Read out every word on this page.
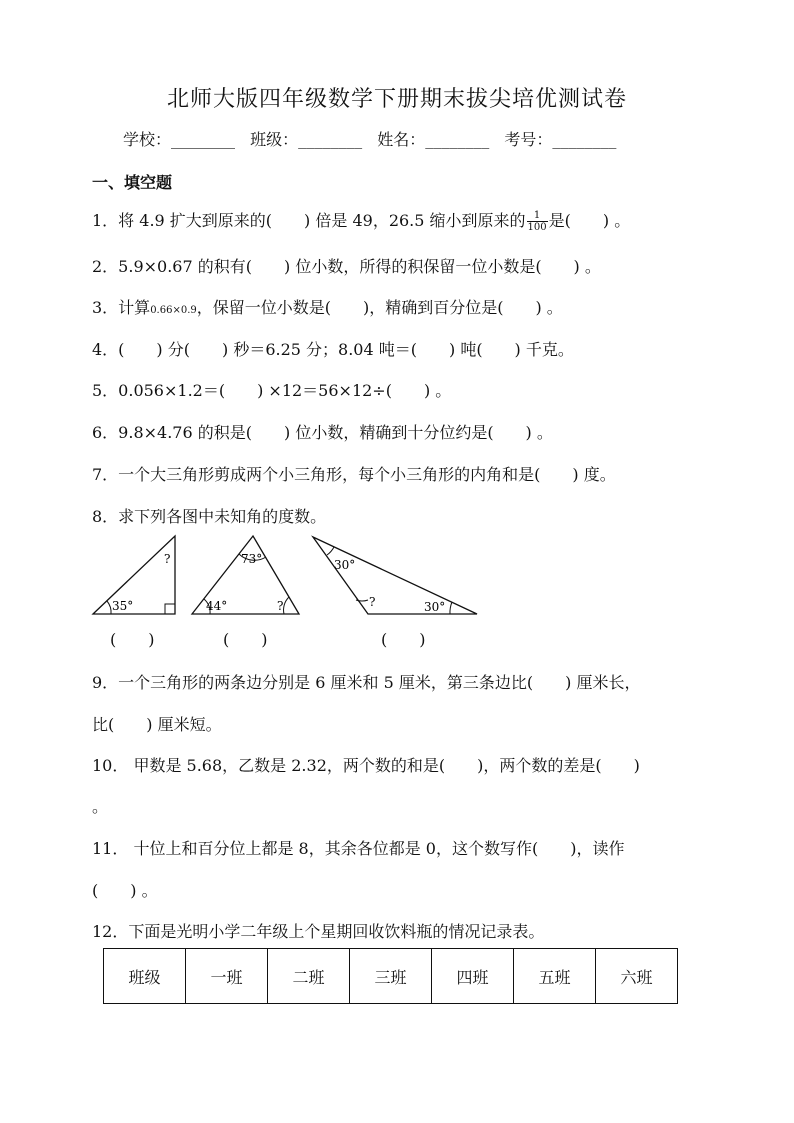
北师大版四年级数学下册期末拔尖培优测试卷
学校：________ 班级：________ 姓名：________ 考号：________
一、填空题
1．将 4.9 扩大到原来的(　　) 倍是 49，26.5 缩小到原来的 $\frac{1}{100}$ 是(　　) 。
2．5.9×0.67 的积有(　　) 位小数，所得的积保留一位小数是(　　) 。
3．计算0.66×0.9，保留一位小数是(　　)，精确到百分位是(　　) 。
4．(　　) 分(　　) 秒＝6.25 分；8.04 吨＝(　　) 吨(　　) 千克。
5．0.056×1.2＝(　　) ×12＝56×12÷(　　) 。
6．9.8×4.76 的积是(　　) 位小数，精确到十分位约是(　　) 。
7．一个大三角形剪成两个小三角形，每个小三角形的内角和是(　　) 度。
8．求下列各图中未知角的度数。
35°
?	73°
44°	?
30°
30°
?
(　　)	(　　)	(　　)
9．一个三角形的两条边分别是 6 厘米和 5 厘米，第三条边比(　　) 厘米长，
比(　　) 厘米短。
10． 甲数是 5.68，乙数是 2.32，两个数的和是(　　)，两个数的差是(　　)
。
11． 十位上和百分位上都是 8，其余各位都是 0，这个数写作(　　)，读作
(　　) 。
12．下面是光明小学二年级上个星期回收饮料瓶的情况记录表。
班级	一班	二班	三班	四班	五班	六班
